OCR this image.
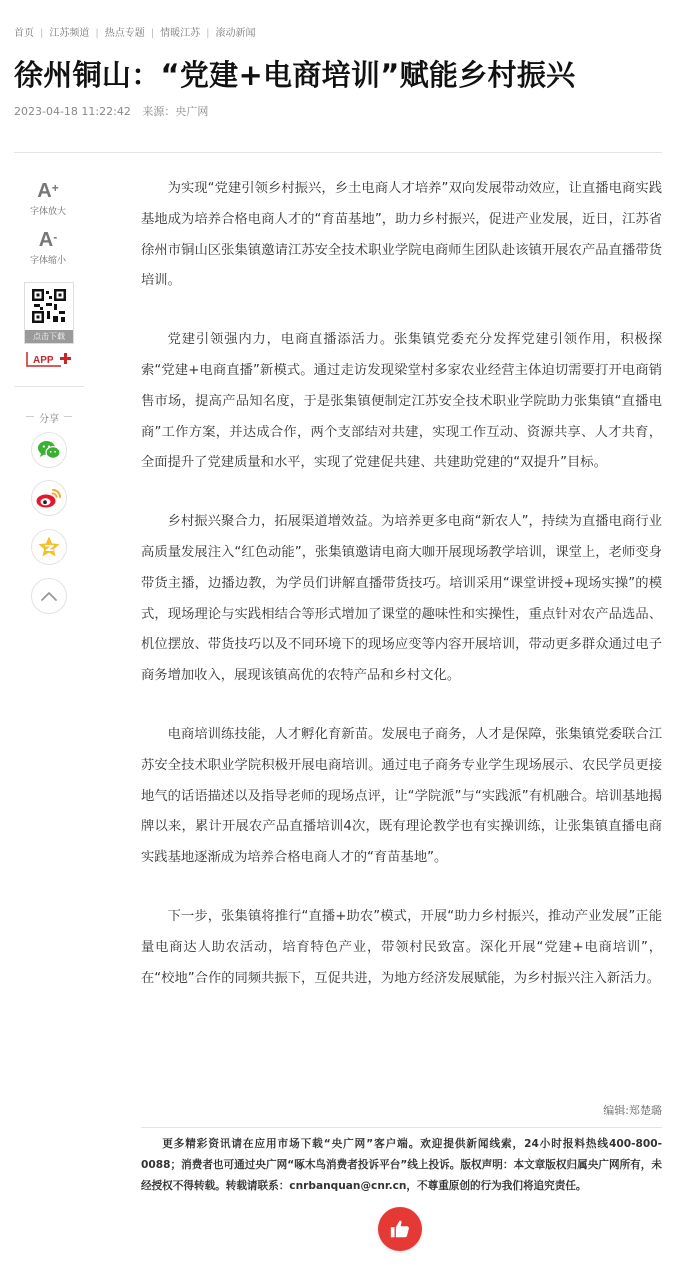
首页 | 江苏频道 | 热点专题 | 情暖江苏 | 滚动新闻
徐州铜山：“党建+电商培训”赋能乡村振兴
2023-04-18 11:22:42 来源：央广网
A+
字体放大
A-
字体缩小
点击下载
APP
分享

为实现“党建引领乡村振兴，乡土电商人才培养”双向发展带动效应，让直播电商实践基地成为培养合格电商人才的“育苗基地”，助力乡村振兴，促进产业发展，近日，江苏省徐州市铜山区张集镇邀请江苏安全技术职业学院电商师生团队赴该镇开展农产品直播带货培训。

党建引领强内力，电商直播添活力。张集镇党委充分发挥党建引领作用，积极探索“党建+电商直播”新模式。通过走访发现梁堂村多家农业经营主体迫切需要打开电商销售市场，提高产品知名度，于是张集镇便制定江苏安全技术职业学院助力张集镇“直播电商”工作方案，并达成合作，两个支部结对共建，实现工作互动、资源共享、人才共育，全面提升了党建质量和水平，实现了党建促共建、共建助党建的“双提升”目标。

乡村振兴聚合力，拓展渠道增效益。为培养更多电商“新农人”，持续为直播电商行业高质量发展注入“红色动能”，张集镇邀请电商大咖开展现场教学培训，课堂上，老师变身带货主播，边播边教，为学员们讲解直播带货技巧。培训采用“课堂讲授+现场实操”的模式，现场理论与实践相结合等形式增加了课堂的趣味性和实操性，重点针对农产品选品、机位摆放、带货技巧以及不同环境下的现场应变等内容开展培训，带动更多群众通过电子商务增加收入，展现该镇高优的农特产品和乡村文化。

电商培训练技能，人才孵化育新苗。发展电子商务，人才是保障，张集镇党委联合江苏安全技术职业学院积极开展电商培训。通过电子商务专业学生现场展示、农民学员更接地气的话语描述以及指导老师的现场点评，让“学院派”与“实践派”有机融合。培训基地揭牌以来，累计开展农产品直播培训4次，既有理论教学也有实操训练，让张集镇直播电商实践基地逐渐成为培养合格电商人才的“育苗基地”。

下一步，张集镇将推行“直播+助农”模式，开展“助力乡村振兴，推动产业发展”正能量电商达人助农活动，培育特色产业，带领村民致富。深化开展“党建+电商培训”，在“校地”合作的同频共振下，互促共进，为地方经济发展赋能，为乡村振兴注入新活力。

编辑:郑楚璐
更多精彩资讯请在应用市场下载“央广网”客户端。欢迎提供新闻线索，24小时报料热线400-800-0088；消费者也可通过央广网“啄木鸟消费者投诉平台”线上投诉。版权声明：本文章版权归属央广网所有，未经授权不得转载。转载请联系：cnrbanquan@cnr.cn，不尊重原创的行为我们将追究责任。
